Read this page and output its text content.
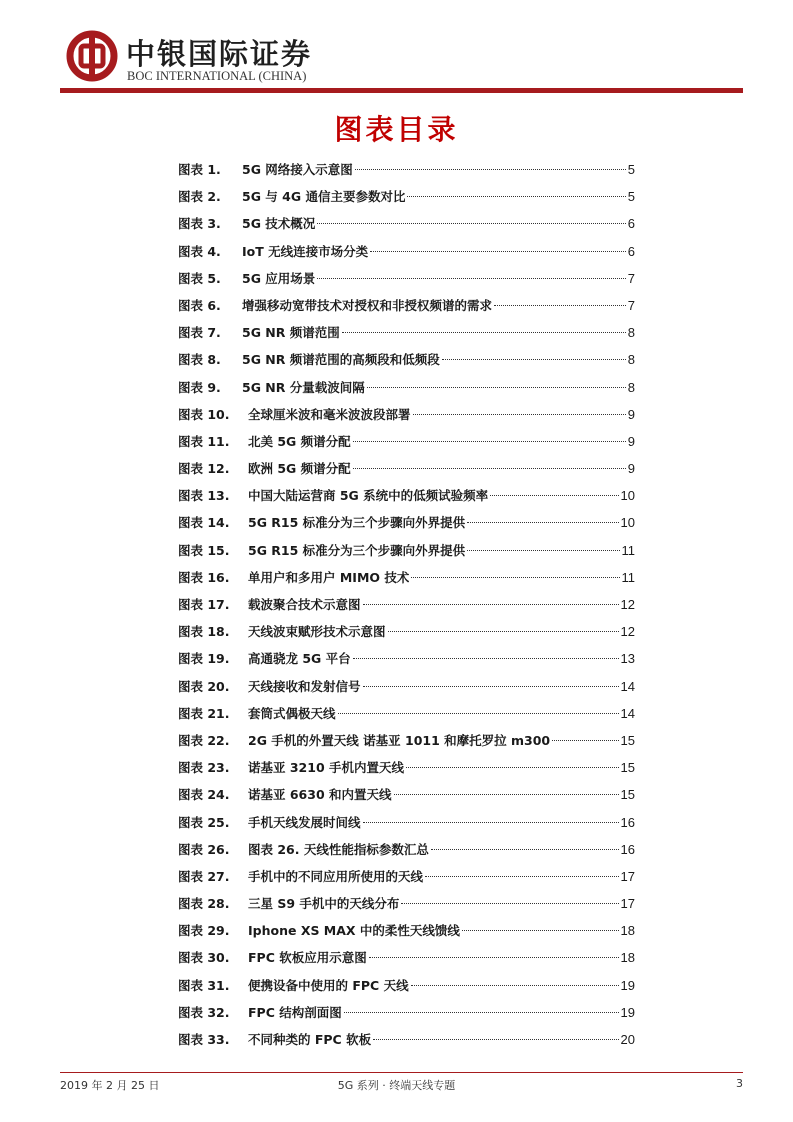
中银国际证券
BOC INTERNATIONAL (CHINA)
图表目录
图表 1.	5G 网络接入示意图	5
图表 2.	5G 与 4G 通信主要参数对比	5
图表 3.	5G 技术概况	6
图表 4.	IoT 无线连接市场分类	6
图表 5.	5G 应用场景	7
图表 6.	增强移动宽带技术对授权和非授权频谱的需求	7
图表 7.	5G NR 频谱范围	8
图表 8.	5G NR 频谱范围的高频段和低频段	8
图表 9.	5G NR 分量载波间隔	8
图表 10.	全球厘米波和毫米波波段部署	9
图表 11.	北美 5G 频谱分配	9
图表 12.	欧洲 5G 频谱分配	9
图表 13.	中国大陆运营商 5G 系统中的低频试验频率	10
图表 14.	5G R15 标准分为三个步骤向外界提供	10
图表 15.	5G R15 标准分为三个步骤向外界提供	11
图表 16.	单用户和多用户 MIMO 技术	11
图表 17.	载波聚合技术示意图	12
图表 18.	天线波束赋形技术示意图	12
图表 19.	高通骁龙 5G 平台	13
图表 20.	天线接收和发射信号	14
图表 21.	套筒式偶极天线	14
图表 22.	2G 手机的外置天线 诺基亚 1011 和摩托罗拉 m300	15
图表 23.	诺基亚 3210 手机内置天线	15
图表 24.	诺基亚 6630 和内置天线	15
图表 25.	手机天线发展时间线	16
图表 26.	图表 26. 天线性能指标参数汇总	16
图表 27.	手机中的不同应用所使用的天线	17
图表 28.	三星 S9 手机中的天线分布	17
图表 29.	Iphone XS MAX 中的柔性天线馈线	18
图表 30.	FPC 软板应用示意图	18
图表 31.	便携设备中使用的 FPC 天线	19
图表 32.	FPC 结构剖面图	19
图表 33.	不同种类的 FPC 软板	20
2019 年 2 月 25 日	5G 系列 · 终端天线专题	3
